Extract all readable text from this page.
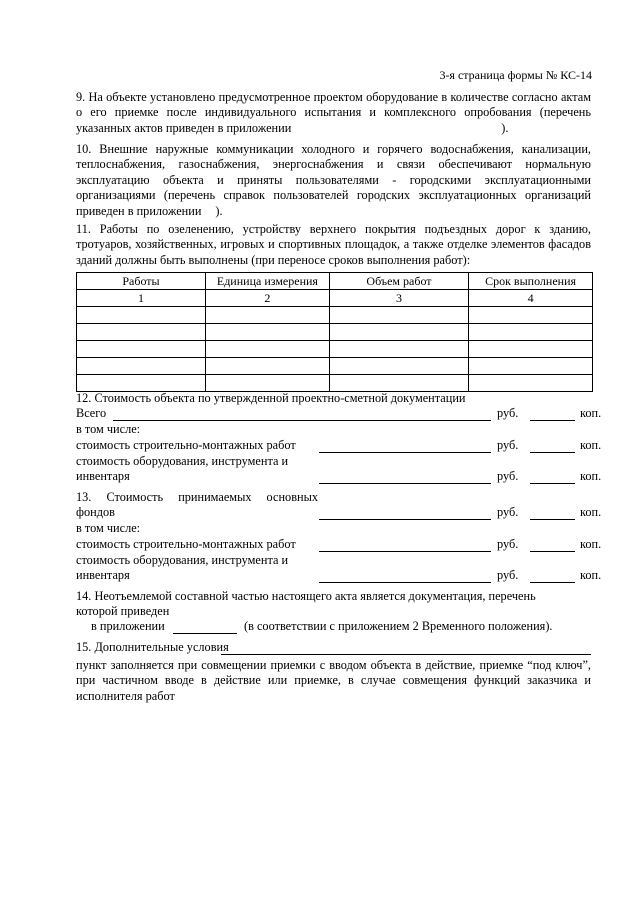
3-я страница формы № КС-14
9. На объекте установлено предусмотренное проектом оборудование в количестве согласно актам о его приемке после индивидуального испытания и комплексного опробования (перечень указанных актов приведен в приложении	).
10. Внешние наружные коммуникации холодного и горячего водоснабжения, канализации, теплоснабжения, газоснабжения, энергоснабжения и связи обеспечивают нормальную эксплуатацию объекта и приняты пользователями - городскими эксплуатационными организациями (перечень справок пользователей городских эксплуатационных организаций приведен в приложении ).
11. Работы по озеленению, устройству верхнего покрытия подъездных дорог к зданию, тротуаров, хозяйственных, игровых и спортивных площадок, а также отделке элементов фасадов зданий должны быть выполнены (при переносе сроков выполнения работ):
Работы	Единица измерения	Объем работ	Срок выполнения
1	2	3	4

12. Стоимость объекта по утвержденной проектно-сметной документации
Всего	руб.	коп.
в том числе:
стоимость строительно-монтажных работ	руб.	коп.
стоимость оборудования, инструмента и
инвентаря	руб.	коп.
13. Стоимость принимаемых основных
фондов	руб.	коп.
в том числе:
стоимость строительно-монтажных работ	руб.	коп.
стоимость оборудования, инструмента и
инвентаря	руб.	коп.
14. Неотъемлемой составной частью настоящего акта является документация, перечень
которой приведен
в приложении	(в соответствии с приложением 2 Временного положения).
15. Дополнительные условия
пункт заполняется при совмещении приемки с вводом объекта в действие, приемке “под ключ”, при частичном вводе в действие или приемке, в случае совмещения функций заказчика и исполнителя работ
